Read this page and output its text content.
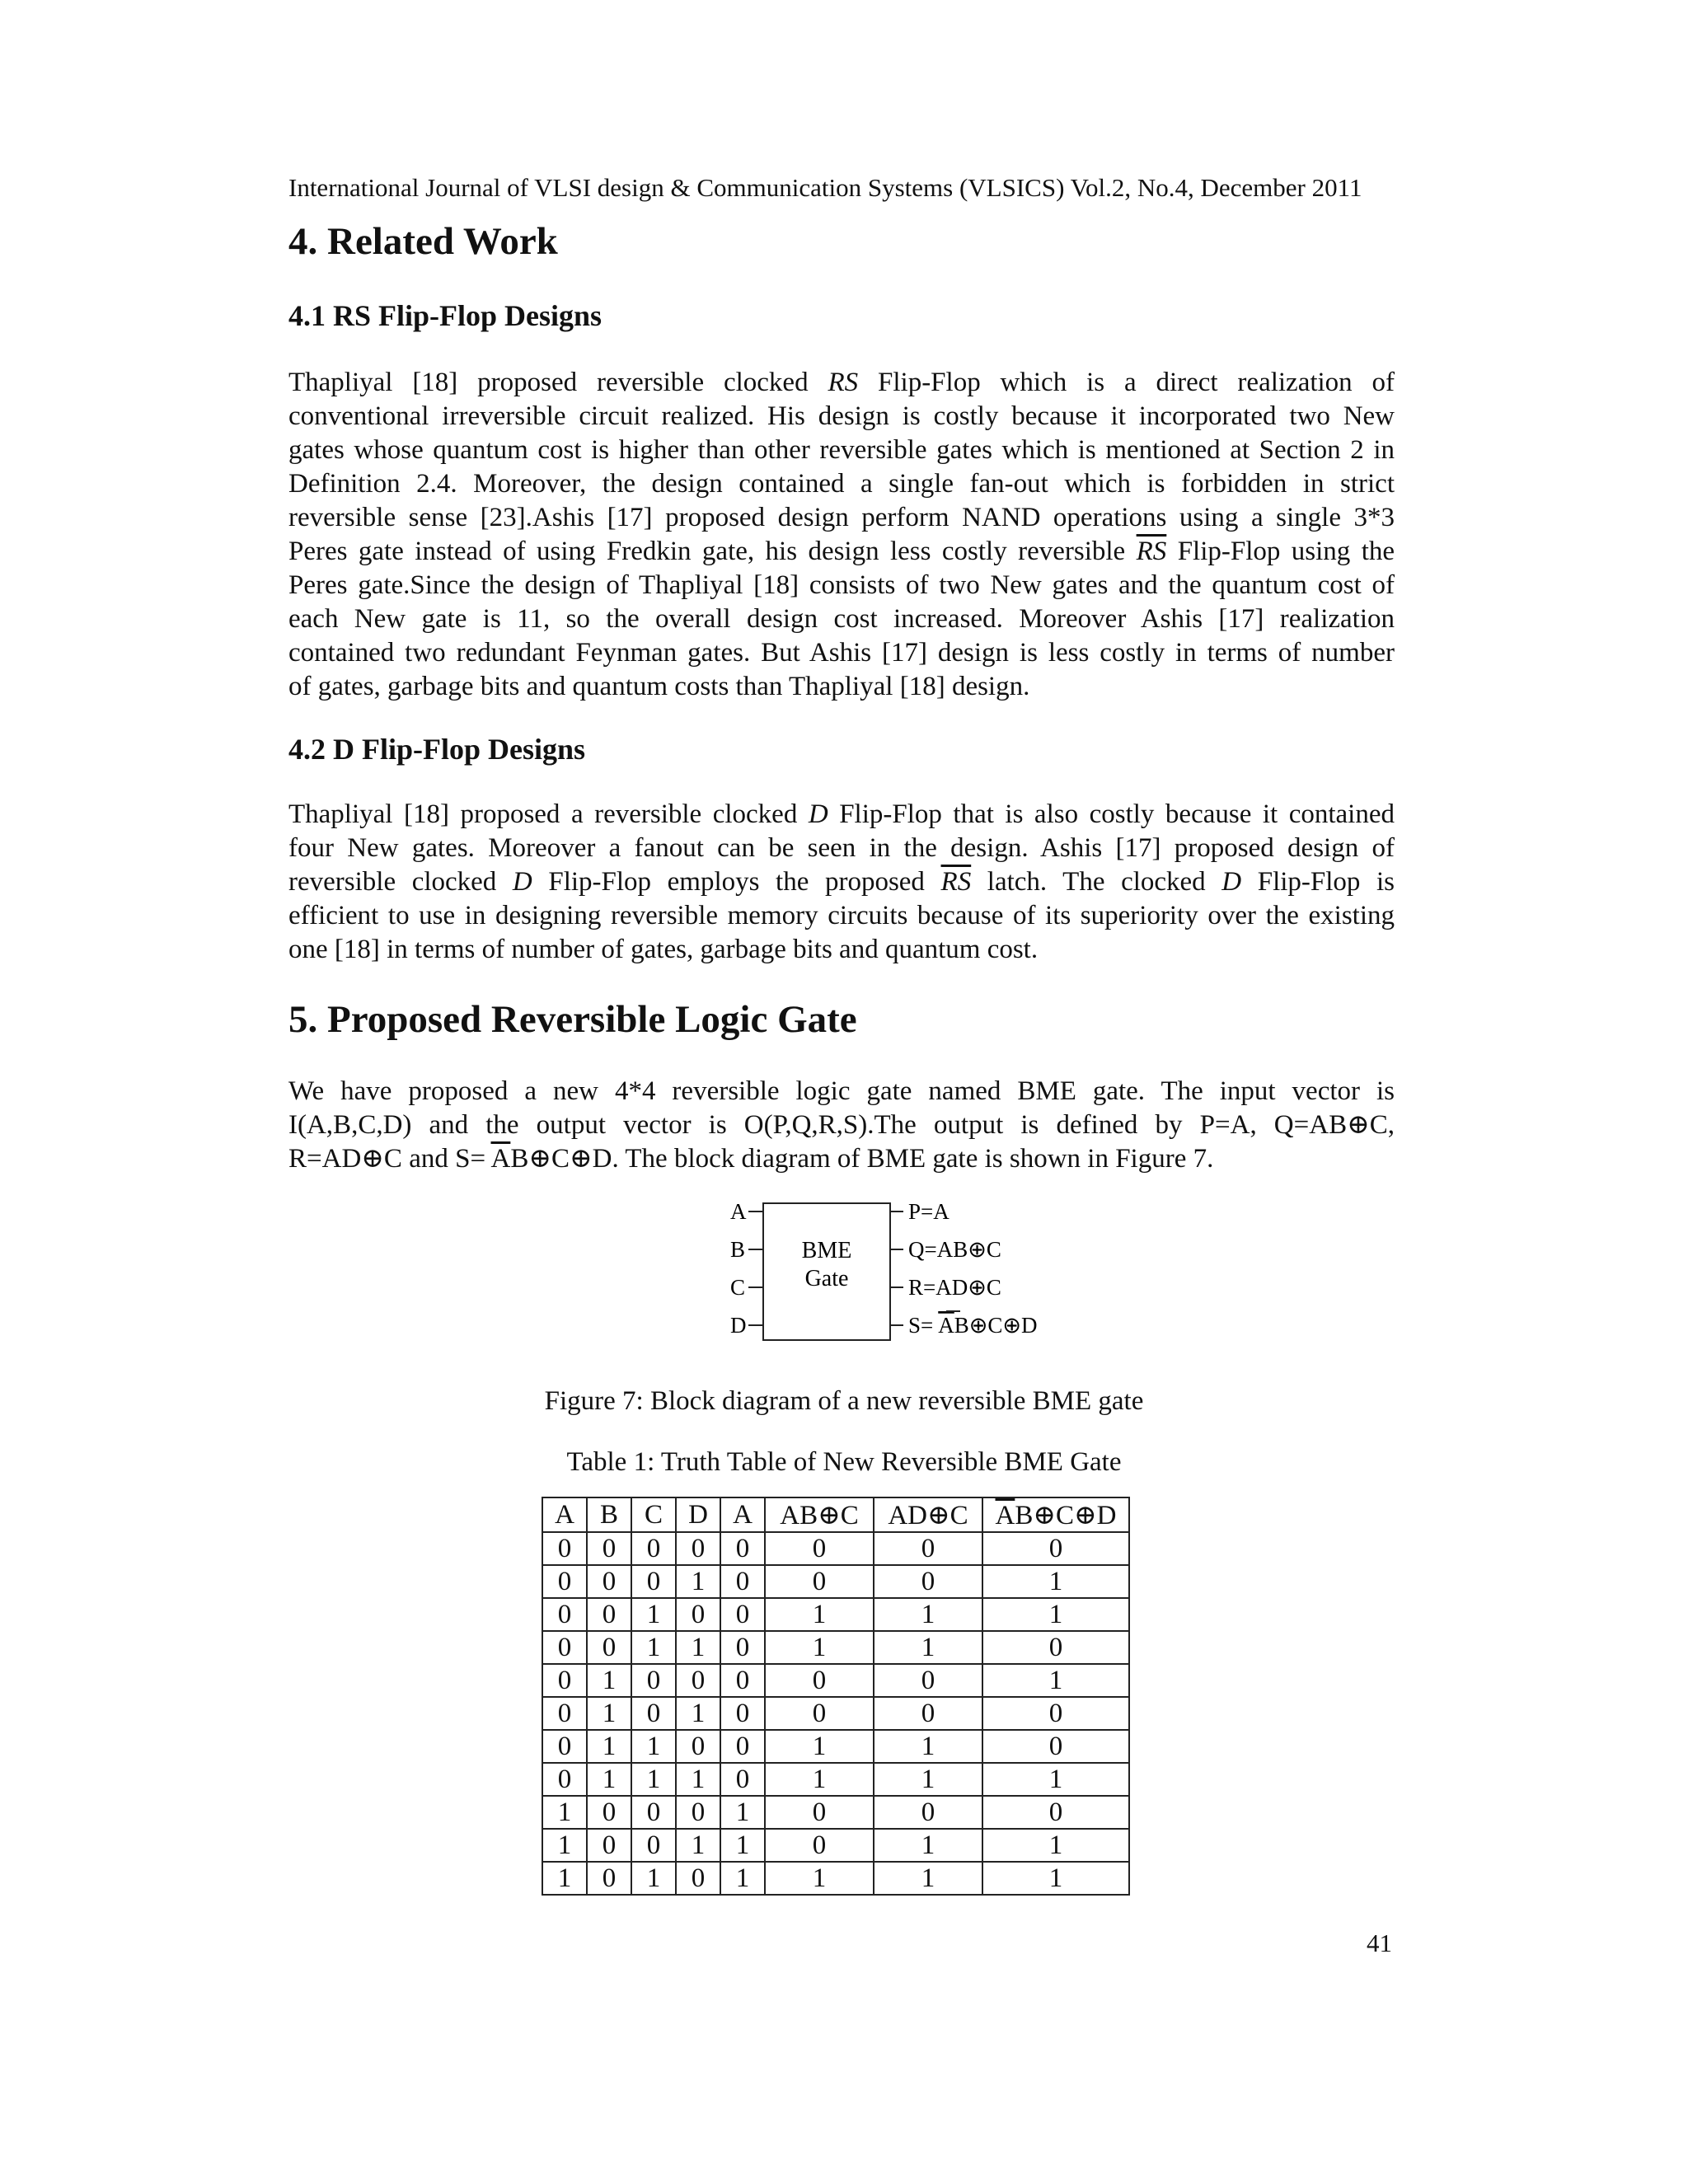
International Journal of VLSI design & Communication Systems (VLSICS) Vol.2, No.4, December 2011
4. Related Work
4.1 RS Flip-Flop Designs
Thapliyal [18] proposed reversible clocked RS Flip-Flop which is a direct realization of
conventional irreversible circuit realized. His design is costly because it incorporated two New
gates whose quantum cost is higher than other reversible gates which is mentioned at Section 2 in
Definition 2.4. Moreover, the design contained a single fan-out which is forbidden in strict
reversible sense [23].Ashis [17] proposed design perform NAND operations using a single 3*3
Peres gate instead of using Fredkin gate, his design less costly reversible $\overline{RS}$ Flip-Flop using the
Peres gate.Since the design of Thapliyal [18] consists of two New gates and the quantum cost of
each New gate is 11, so the overall design cost increased. Moreover Ashis [17] realization
contained two redundant Feynman gates. But Ashis [17] design is less costly in terms of number
of gates, garbage bits and quantum costs than Thapliyal [18] design.
4.2 D Flip-Flop Designs
Thapliyal [18] proposed a reversible clocked D Flip-Flop that is also costly because it contained
four New gates. Moreover a fanout can be seen in the design. Ashis [17] proposed design of
reversible clocked D Flip-Flop employs the proposed $\overline{RS}$ latch. The clocked D Flip-Flop is
efficient to use in designing reversible memory circuits because of its superiority over the existing
one [18] in terms of number of gates, garbage bits and quantum cost.
5. Proposed Reversible Logic Gate
We have proposed a new 4*4 reversible logic gate named BME gate. The input vector is
I(A,B,C,D) and the output vector is O(P,Q,R,S).The output is defined by P=A, Q=AB⊕C,
R=AD⊕C and $S= \overline{A}B\oplus C\oplus D$. The block diagram of BME gate is shown in Figure 7.
A
B
C
D
BME
Gate
P=A
Q=AB⊕C
R=AD⊕C
S= AB⊕C⊕D
Figure 7: Block diagram of a new reversible BME gate
Table 1: Truth Table of New Reversible BME Gate
A	B	C	D	A	AB⊕C	AD⊕C	$\overline{A}B\oplus C\oplus D$
0	0	0	0	0	0	0	0
0	0	0	1	0	0	0	1
0	0	1	0	0	1	1	1
0	0	1	1	0	1	1	0
0	1	0	0	0	0	0	1
0	1	0	1	0	0	0	0
0	1	1	0	0	1	1	0
0	1	1	1	0	1	1	1
1	0	0	0	1	0	0	0
1	0	0	1	1	0	1	1
1	0	1	0	1	1	1	1
41
